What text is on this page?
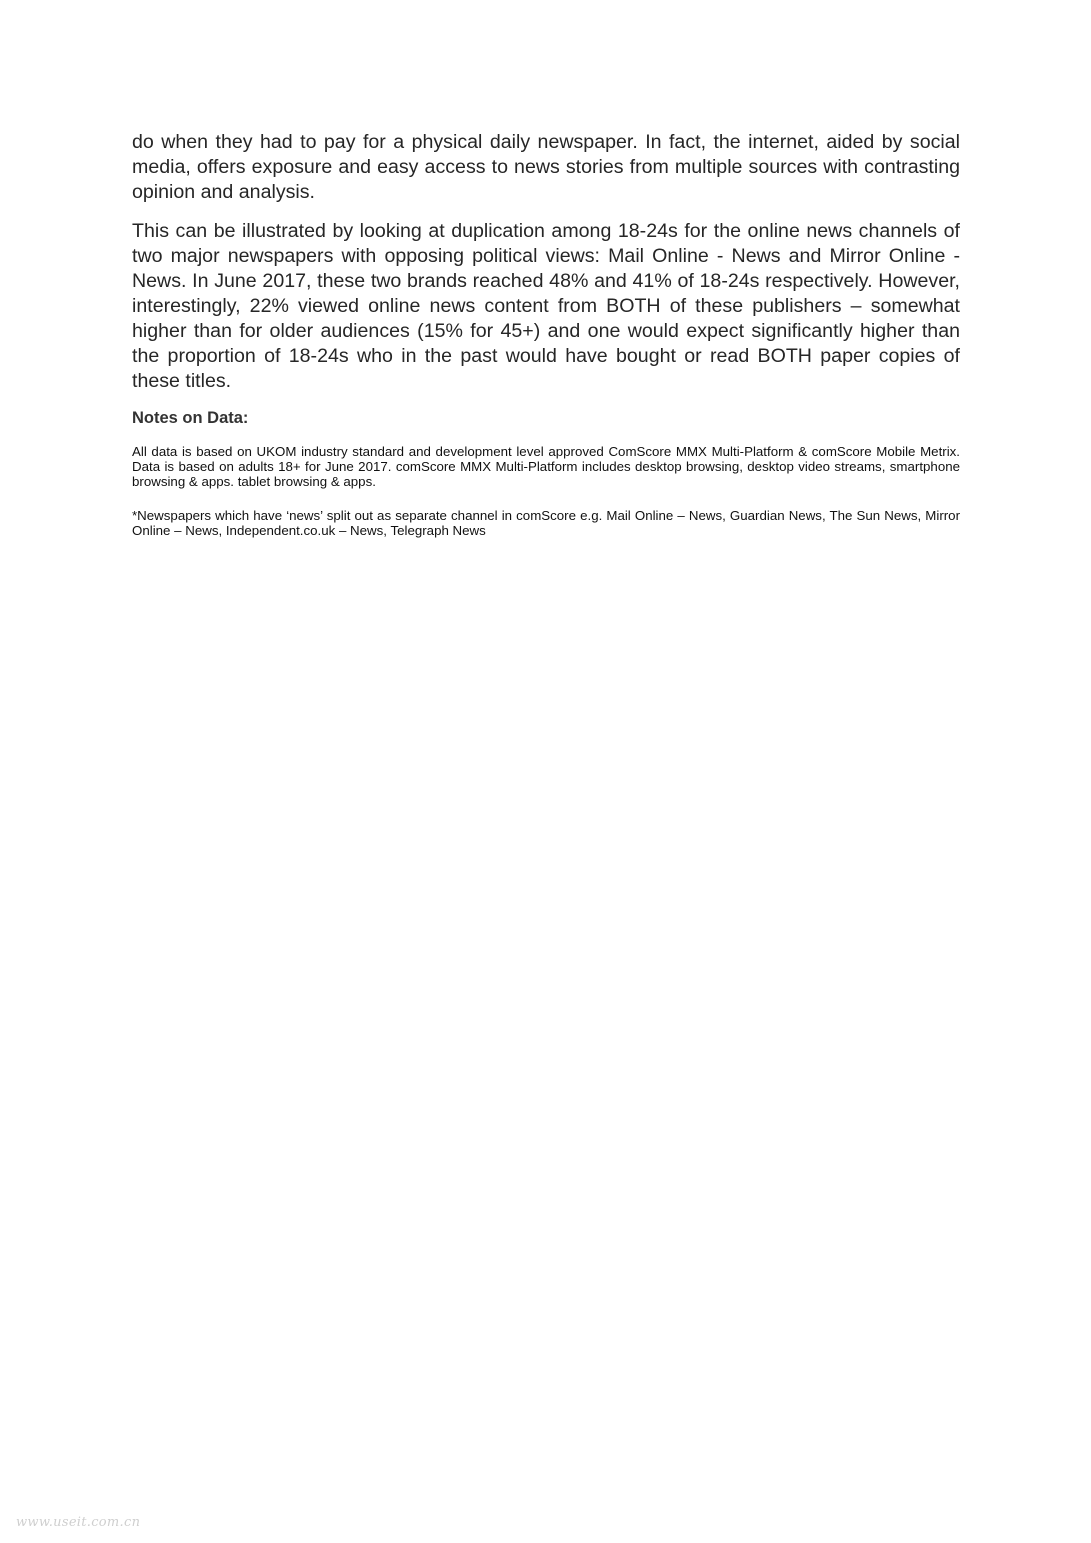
do when they had to pay for a physical daily newspaper. In fact, the internet, aided by social media, offers exposure and easy access to news stories from multiple sources with contrasting opinion and analysis.

This can be illustrated by looking at duplication among 18-24s for the online news channels of two major newspapers with opposing political views: Mail Online - News and Mirror Online - News. In June 2017, these two brands reached 48% and 41% of 18-24s respectively. However, interestingly, 22% viewed online news content from BOTH of these publishers – somewhat higher than for older audiences (15% for 45+) and one would expect significantly higher than the proportion of 18-24s who in the past would have bought or read BOTH paper copies of these titles.

Notes on Data:

All data is based on UKOM industry standard and development level approved ComScore MMX Multi-Platform & comScore Mobile Metrix. Data is based on adults 18+ for June 2017. comScore MMX Multi-Platform includes desktop browsing, desktop video streams, smartphone browsing & apps. tablet browsing & apps.

*Newspapers which have ‘news’ split out as separate channel in comScore e.g. Mail Online – News, Guardian News, The Sun News, Mirror Online – News, Independent.co.uk – News, Telegraph News

www.useit.com.cn
